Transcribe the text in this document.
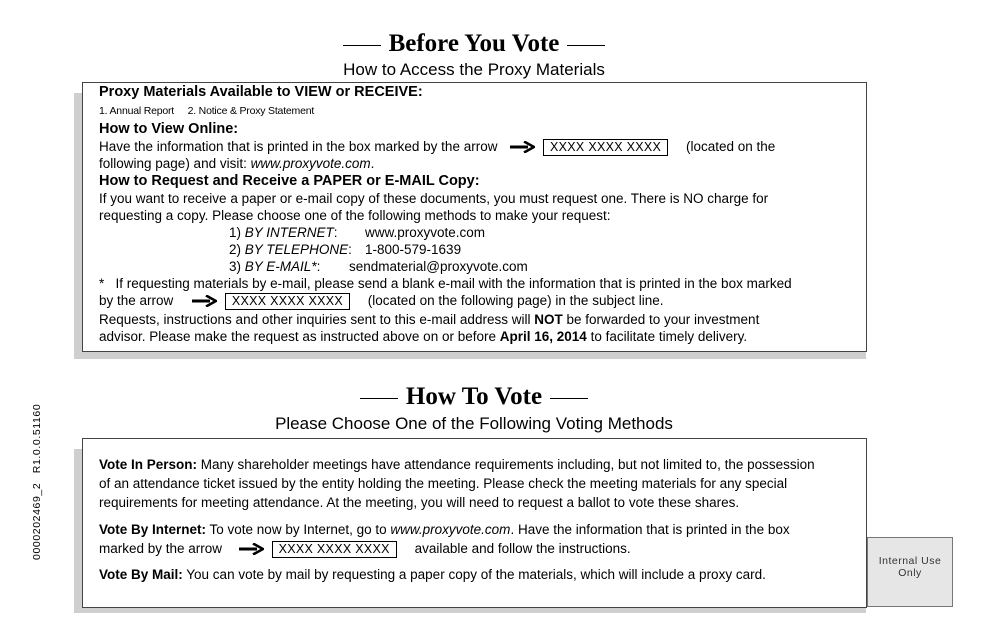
Before You Vote
How to Access the Proxy Materials
Proxy Materials Available to VIEW or RECEIVE:
1. Annual Report     2. Notice & Proxy Statement
How to View Online:
Have the information that is printed in the box marked by the arrow	XXXX XXXX XXXX (located on the
following page) and visit: www.proxyvote.com.
How to Request and Receive a PAPER or E-MAIL Copy:
If you want to receive a paper or e-mail copy of these documents, you must request one. There is NO charge for
requesting a copy. Please choose one of the following methods to make your request:
1) BY INTERNET: www.proxyvote.com
2) BY TELEPHONE: 1-800-579-1639
3) BY E-MAIL*: sendmaterial@proxyvote.com
*   If requesting materials by e-mail, please send a blank e-mail with the information that is printed in the box marked
by the arrow	XXXX XXXX XXXX (located on the following page) in the subject line.
Requests, instructions and other inquiries sent to this e-mail address will NOT be forwarded to your investment
advisor. Please make the request as instructed above on or before April 16, 2014 to facilitate timely delivery.
How To Vote
Please Choose One of the Following Voting Methods
Vote In Person: Many shareholder meetings have attendance requirements including, but not limited to, the possession
of an attendance ticket issued by the entity holding the meeting. Please check the meeting materials for any special
requirements for meeting attendance. At the meeting, you will need to request a ballot to vote these shares.
Vote By Internet: To vote now by Internet, go to www.proxyvote.com. Have the information that is printed in the box
marked by the arrow	XXXX XXXX XXXX available and follow the instructions.
Vote By Mail: You can vote by mail by requesting a paper copy of the materials, which will include a proxy card.
0000202469_2 R1.0.0.51160
Internal Use Only
